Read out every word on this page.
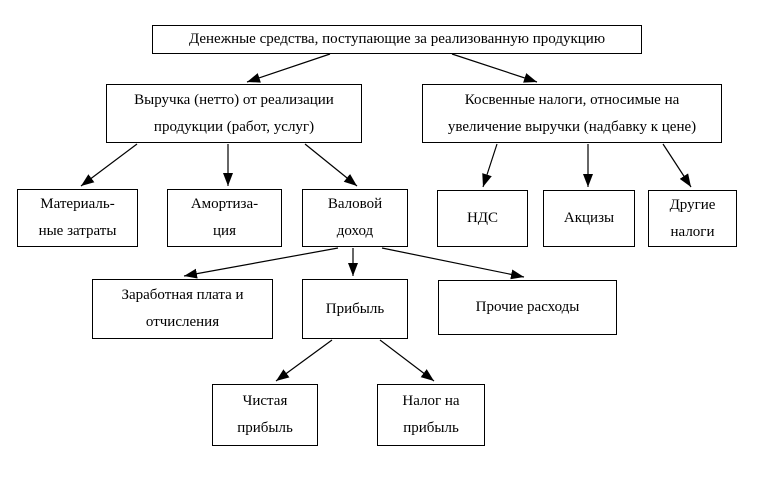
Денежные средства, поступающие за реализованную продукцию
Выручка (нетто) от реализации
продукции (работ, услуг)
Косвенные налоги, относимые на
увеличение выручки (надбавку к цене)
Материаль-
ные затраты
Амортиза-
ция
Валовой
доход
НДС	Акцизы
Другие
налоги
Заработная плата и
отчисления
Прибыль	Прочие расходы
Чистая
прибыль
Налог на
прибыль
